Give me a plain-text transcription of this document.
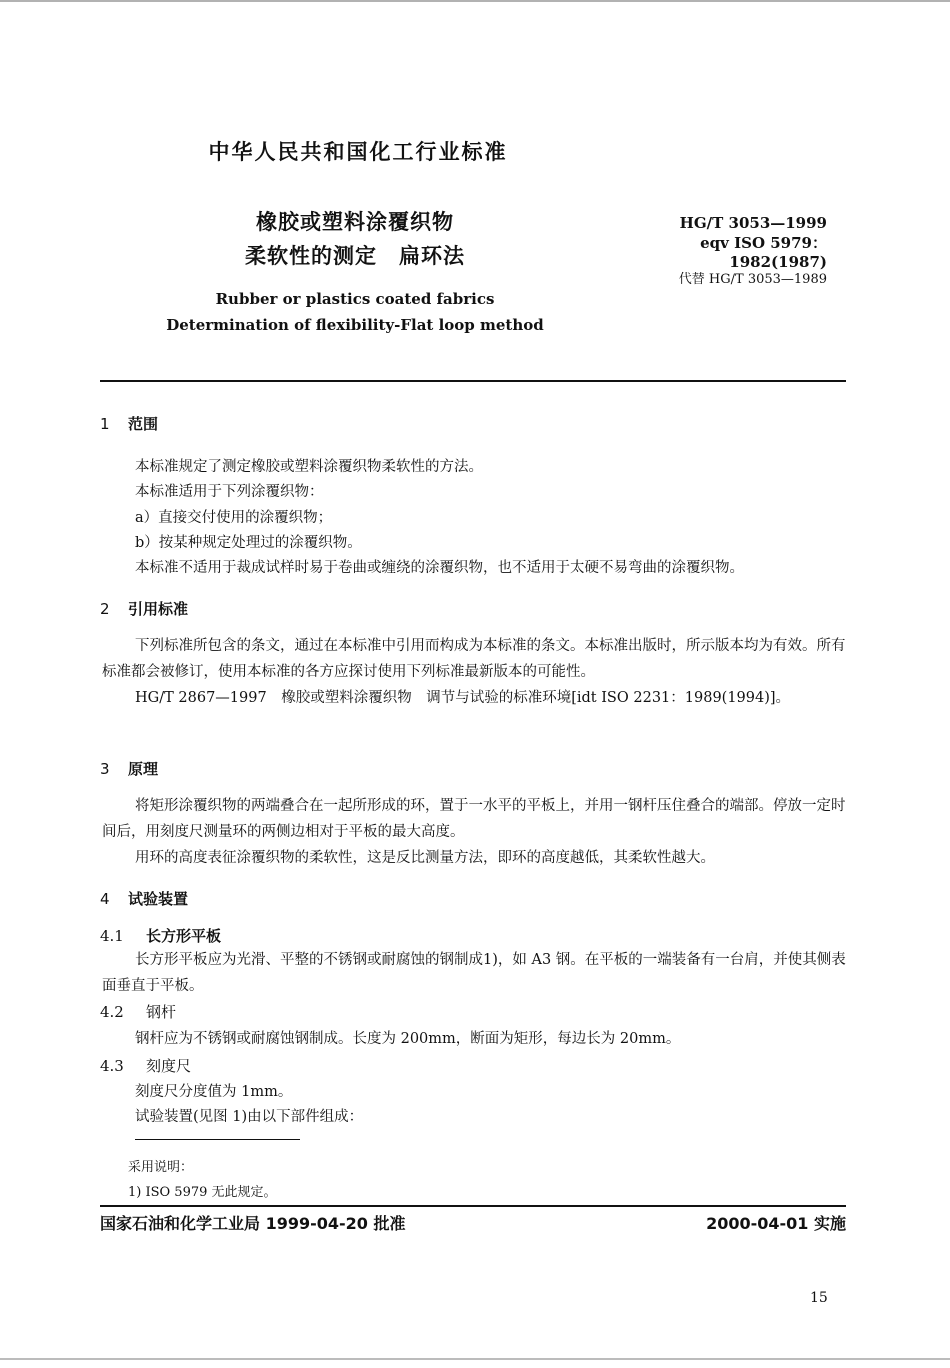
中华人民共和国化工行业标准
橡胶或塑料涂覆织物
柔软性的测定　扁环法
Rubber or plastics coated fabrics
Determination of flexibility-Flat loop method
HG/T 3053—1999
eqv ISO 5979：1982(1987)
代替 HG/T 3053—1989
1 范围
本标准规定了测定橡胶或塑料涂覆织物柔软性的方法。
本标准适用于下列涂覆织物：
a）直接交付使用的涂覆织物；
b）按某种规定处理过的涂覆织物。
本标准不适用于裁成试样时易于卷曲或缠绕的涂覆织物，也不适用于太硬不易弯曲的涂覆织物。
2 引用标准
下列标准所包含的条文，通过在本标准中引用而构成为本标准的条文。本标准出版时，所示版本均为有效。所有标准都会被修订，使用本标准的各方应探讨使用下列标准最新版本的可能性。
HG/T 2867—1997　橡胶或塑料涂覆织物　调节与试验的标准环境[idt ISO 2231：1989(1994)]。
3 原理
将矩形涂覆织物的两端叠合在一起所形成的环，置于一水平的平板上，并用一钢杆压住叠合的端部。停放一定时间后，用刻度尺测量环的两侧边相对于平板的最大高度。
用环的高度表征涂覆织物的柔软性，这是反比测量方法，即环的高度越低，其柔软性越大。
4 试验装置
4.1 长方形平板
长方形平板应为光滑、平整的不锈钢或耐腐蚀的钢制成1)，如 A3 钢。在平板的一端装备有一台肩，并使其侧表面垂直于平板。
4.2 钢杆
钢杆应为不锈钢或耐腐蚀钢制成。长度为 200mm，断面为矩形，每边长为 20mm。
4.3 刻度尺
刻度尺分度值为 1mm。
试验装置(见图 1)由以下部件组成：
采用说明：
1) ISO 5979 无此规定。
国家石油和化学工业局 1999-04-20 批准	2000-04-01 实施
15
